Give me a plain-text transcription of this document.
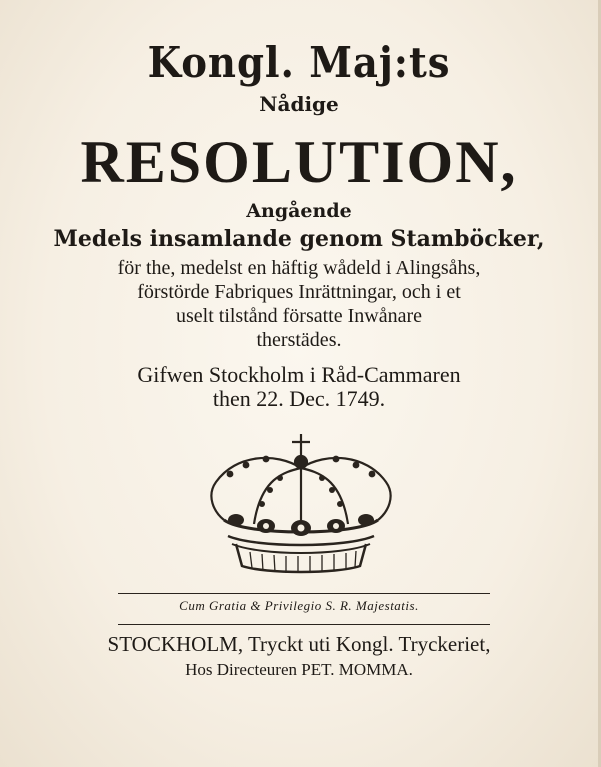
Kongl. Maj:ts
Nådige
RESOLUTION,
Angående
Medels insamlande genom Stamböcker,
för the, medelst en häftig wådeld i Alingsåhs,
förstörde Fabriques Inrättningar, och i et
uselt tilstånd försatte Inwånare
therstädes.
Gifwen Stockholm i Råd-Cammaren
then 22. Dec. 1749.
Cum Gratia & Privilegio S. R. Majestatis.
STOCKHOLM, Tryckt uti Kongl. Tryckeriet,
Hos Directeuren PET. MOMMA.
